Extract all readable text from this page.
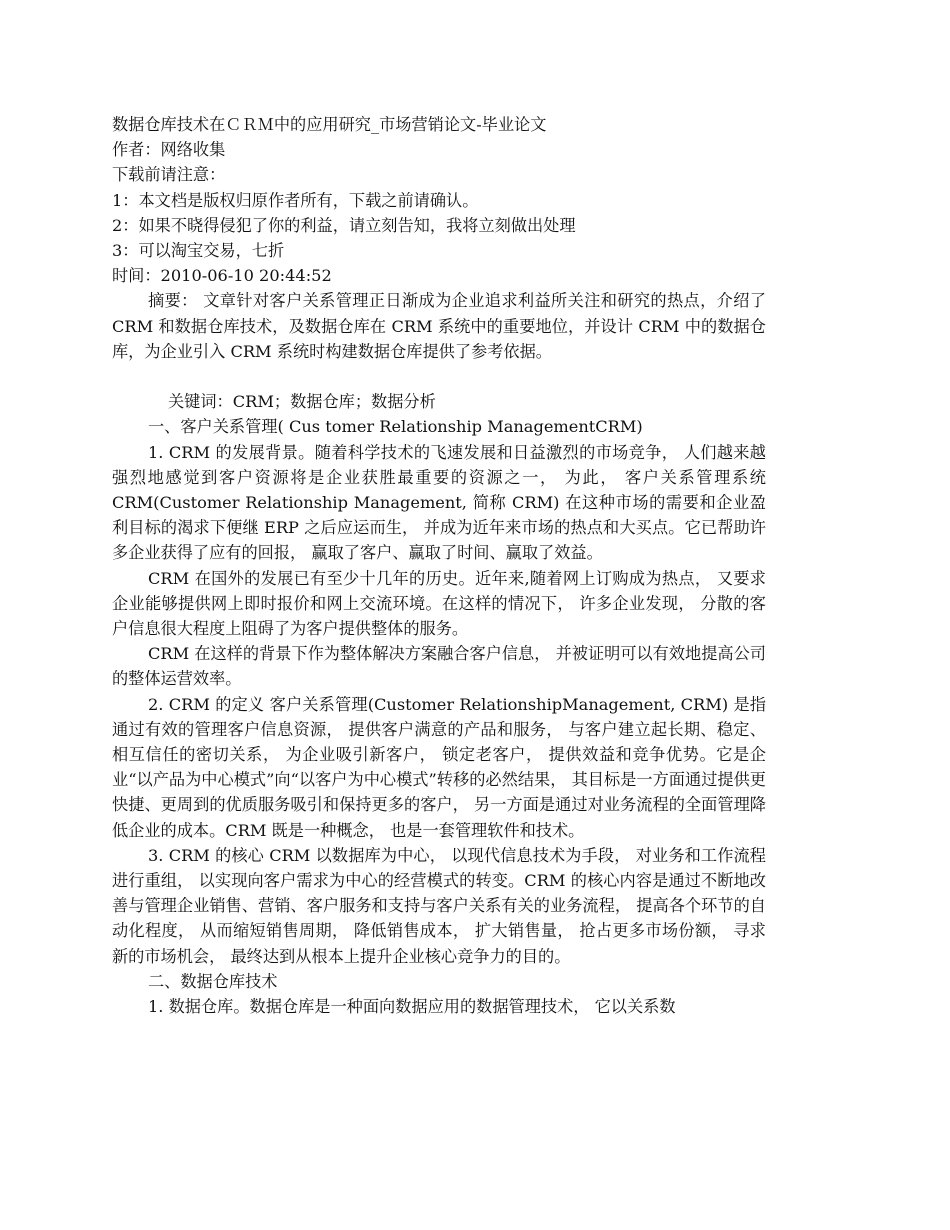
数据仓库技术在ＣＲＭ中的应用研究_市场营销论文-毕业论文
作者：网络收集
下载前请注意：
1：本文档是版权归原作者所有，下载之前请确认。
2：如果不晓得侵犯了你的利益，请立刻告知，我将立刻做出处理
3：可以淘宝交易，七折
时间：2010-06-10 20:44:52

摘要： 文章针对客户关系管理正日渐成为企业追求利益所关注和研究的热点，介绍了 CRM 和数据仓库技术，及数据仓库在 CRM 系统中的重要地位，并设计 CRM 中的数据仓库，为企业引入 CRM 系统时构建数据仓库提供了参考依据。

关键词：CRM；数据仓库；数据分析
一、客户关系管理( Cus tomer Relationship ManagementCRM)

1. CRM 的发展背景。随着科学技术的飞速发展和日益激烈的市场竞争， 人们越来越强烈地感觉到客户资源将是企业获胜最重要的资源之一， 为此， 客户关系管理系统 CRM(Customer Relationship Management, 简称 CRM) 在这种市场的需要和企业盈利目标的渴求下便继 ERP 之后应运而生， 并成为近年来市场的热点和大买点。它已帮助许多企业获得了应有的回报， 赢取了客户、赢取了时间、赢取了效益。

CRM 在国外的发展已有至少十几年的历史。近年来,随着网上订购成为热点， 又要求企业能够提供网上即时报价和网上交流环境。在这样的情况下， 许多企业发现， 分散的客户信息很大程度上阻碍了为客户提供整体的服务。

CRM 在这样的背景下作为整体解决方案融合客户信息， 并被证明可以有效地提高公司的整体运营效率。

2. CRM 的定义 客户关系管理(Customer RelationshipManagement, CRM) 是指通过有效的管理客户信息资源， 提供客户满意的产品和服务， 与客户建立起长期、稳定、相互信任的密切关系， 为企业吸引新客户， 锁定老客户， 提供效益和竞争优势。它是企业“以产品为中心模式”向“以客户为中心模式”转移的必然结果， 其目标是一方面通过提供更快捷、更周到的优质服务吸引和保持更多的客户， 另一方面是通过对业务流程的全面管理降低企业的成本。CRM 既是一种概念， 也是一套管理软件和技术。

3. CRM 的核心 CRM 以数据库为中心， 以现代信息技术为手段， 对业务和工作流程进行重组， 以实现向客户需求为中心的经营模式的转变。CRM 的核心内容是通过不断地改善与管理企业销售、营销、客户服务和支持与客户关系有关的业务流程， 提高各个环节的自动化程度， 从而缩短销售周期， 降低销售成本， 扩大销售量， 抢占更多市场份额， 寻求新的市场机会， 最终达到从根本上提升企业核心竞争力的目的。

二、数据仓库技术

1. 数据仓库。数据仓库是一种面向数据应用的数据管理技术， 它以关系数
